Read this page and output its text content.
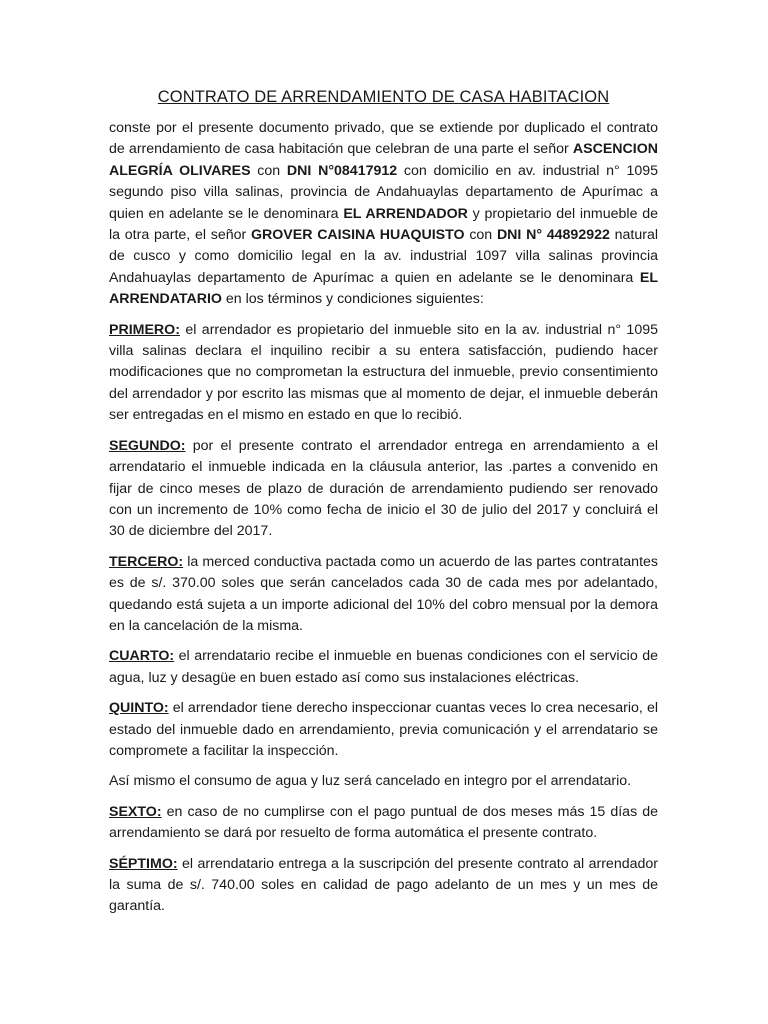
CONTRATO DE ARRENDAMIENTO DE CASA HABITACION

conste por el presente documento privado, que se extiende por duplicado el contrato de arrendamiento de casa habitación que celebran de una parte el señor ASCENCION ALEGRÍA OLIVARES con DNI N°08417912 con domicilio en av. industrial n° 1095 segundo piso villa salinas, provincia de Andahuaylas departamento de Apurímac a quien en adelante se le denominara EL ARRENDADOR y propietario del inmueble de la otra parte, el señor GROVER CAISINA HUAQUISTO con DNI N° 44892922 natural de cusco y como domicilio legal en la av. industrial 1097 villa salinas provincia Andahuaylas departamento de Apurímac a quien en adelante se le denominara EL ARRENDATARIO en los términos y condiciones siguientes:

PRIMERO: el arrendador es propietario del inmueble sito en la av. industrial n° 1095 villa salinas declara el inquilino recibir a su entera satisfacción, pudiendo hacer modificaciones que no comprometan la estructura del inmueble, previo consentimiento del arrendador y por escrito las mismas que al momento de dejar, el inmueble deberán ser entregadas en el mismo en estado en que lo recibió.

SEGUNDO: por el presente contrato el arrendador entrega en arrendamiento a el arrendatario el inmueble indicada en la cláusula anterior, las .partes a convenido en fijar de cinco meses de plazo de duración de arrendamiento pudiendo ser renovado con un incremento de 10% como fecha de inicio el 30 de julio del 2017 y concluirá el 30 de diciembre del 2017.

TERCERO: la merced conductiva pactada como un acuerdo de las partes contratantes es de s/. 370.00 soles que serán cancelados cada 30 de cada mes por adelantado, quedando está sujeta a un importe adicional del 10% del cobro mensual por la demora en la cancelación de la misma.

CUARTO: el arrendatario recibe el inmueble en buenas condiciones con el servicio de agua, luz y desagüe en buen estado así como sus instalaciones eléctricas.

QUINTO: el arrendador tiene derecho inspeccionar cuantas veces lo crea necesario, el estado del inmueble dado en arrendamiento, previa comunicación y el arrendatario se compromete a facilitar la inspección.

Así mismo el consumo de agua y luz será cancelado en integro por el arrendatario.

SEXTO: en caso de no cumplirse con el pago puntual de dos meses más 15 días de arrendamiento se dará por resuelto de forma automática el presente contrato.

SÉPTIMO: el arrendatario entrega a la suscripción del presente contrato al arrendador la suma de s/. 740.00 soles en calidad de pago adelanto de un mes y un mes de garantía.
